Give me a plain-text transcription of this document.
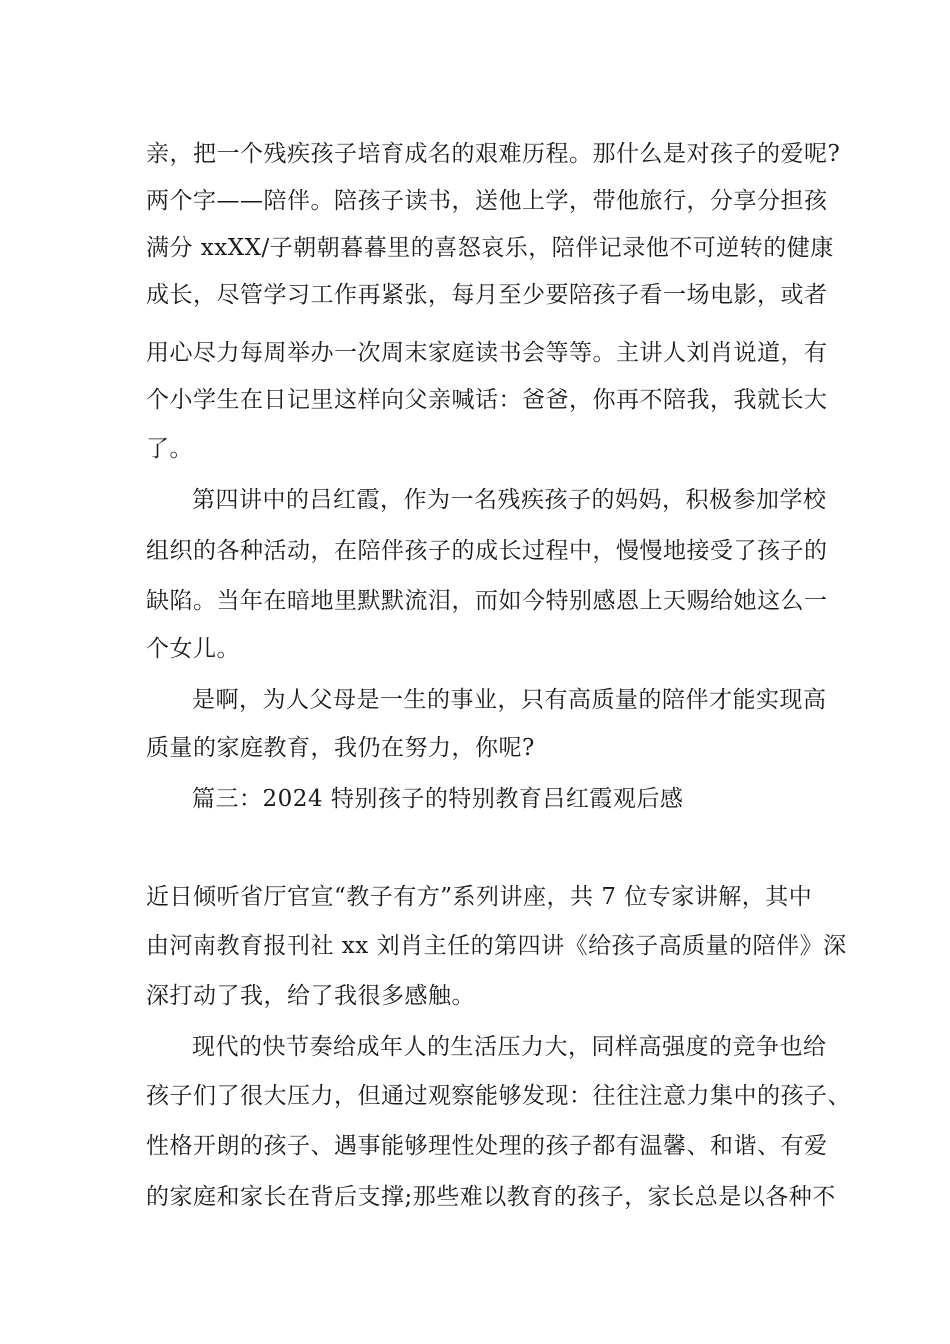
亲，把一个残疾孩子培育成名的艰难历程。那什么是对孩子的爱呢?
两个字——陪伴。陪孩子读书，送他上学，带他旅行，分享分担孩
满分 xxXX/子朝朝暮暮里的喜怒哀乐，陪伴记录他不可逆转的健康
成长，尽管学习工作再紧张，每月至少要陪孩子看一场电影，或者
用心尽力每周举办一次周末家庭读书会等等。主讲人刘肖说道，有
个小学生在日记里这样向父亲喊话：爸爸，你再不陪我，我就长大
了。
第四讲中的吕红霞，作为一名残疾孩子的妈妈，积极参加学校
组织的各种活动，在陪伴孩子的成长过程中，慢慢地接受了孩子的
缺陷。当年在暗地里默默流泪，而如今特别感恩上天赐给她这么一
个女儿。
是啊，为人父母是一生的事业，只有高质量的陪伴才能实现高
质量的家庭教育，我仍在努力，你呢?
篇三：2024 特别孩子的特别教育吕红霞观后感
近日倾听省厅官宣“教子有方”系列讲座，共 7 位专家讲解，其中
由河南教育报刊社 xx 刘肖主任的第四讲《给孩子高质量的陪伴》深
深打动了我，给了我很多感触。
现代的快节奏给成年人的生活压力大，同样高强度的竞争也给
孩子们了很大压力，但通过观察能够发现：往往注意力集中的孩子、
性格开朗的孩子、遇事能够理性处理的孩子都有温馨、和谐、有爱
的家庭和家长在背后支撑;那些难以教育的孩子，家长总是以各种不
